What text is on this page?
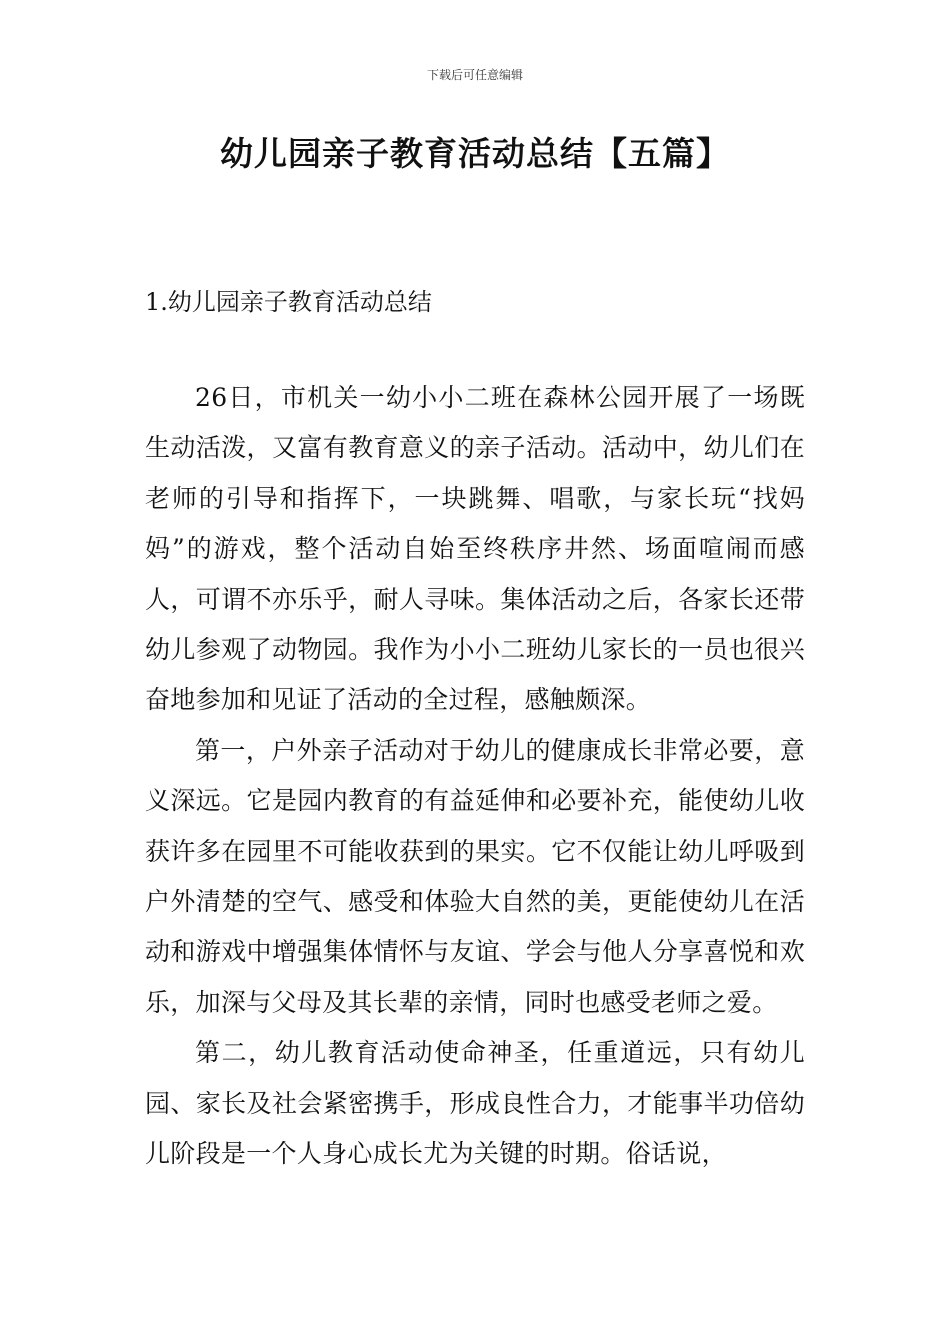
下载后可任意编辑
幼儿园亲子教育活动总结【五篇】
1.幼儿园亲子教育活动总结

26日，市机关一幼小小二班在森林公园开展了一场既生动活泼，又富有教育意义的亲子活动。活动中，幼儿们在老师的引导和指挥下，一块跳舞、唱歌，与家长玩“找妈妈”的游戏，整个活动自始至终秩序井然、场面喧闹而感人，可谓不亦乐乎，耐人寻味。集体活动之后，各家长还带幼儿参观了动物园。我作为小小二班幼儿家长的一员也很兴奋地参加和见证了活动的全过程，感触颇深。

第一，户外亲子活动对于幼儿的健康成长非常必要，意义深远。它是园内教育的有益延伸和必要补充，能使幼儿收获许多在园里不可能收获到的果实。它不仅能让幼儿呼吸到户外清楚的空气、感受和体验大自然的美，更能使幼儿在活动和游戏中增强集体情怀与友谊、学会与他人分享喜悦和欢乐，加深与父母及其长辈的亲情，同时也感受老师之爱。

第二，幼儿教育活动使命神圣，任重道远，只有幼儿园、家长及社会紧密携手，形成良性合力，才能事半功倍幼儿阶段是一个人身心成长尤为关键的时期。俗话说，
